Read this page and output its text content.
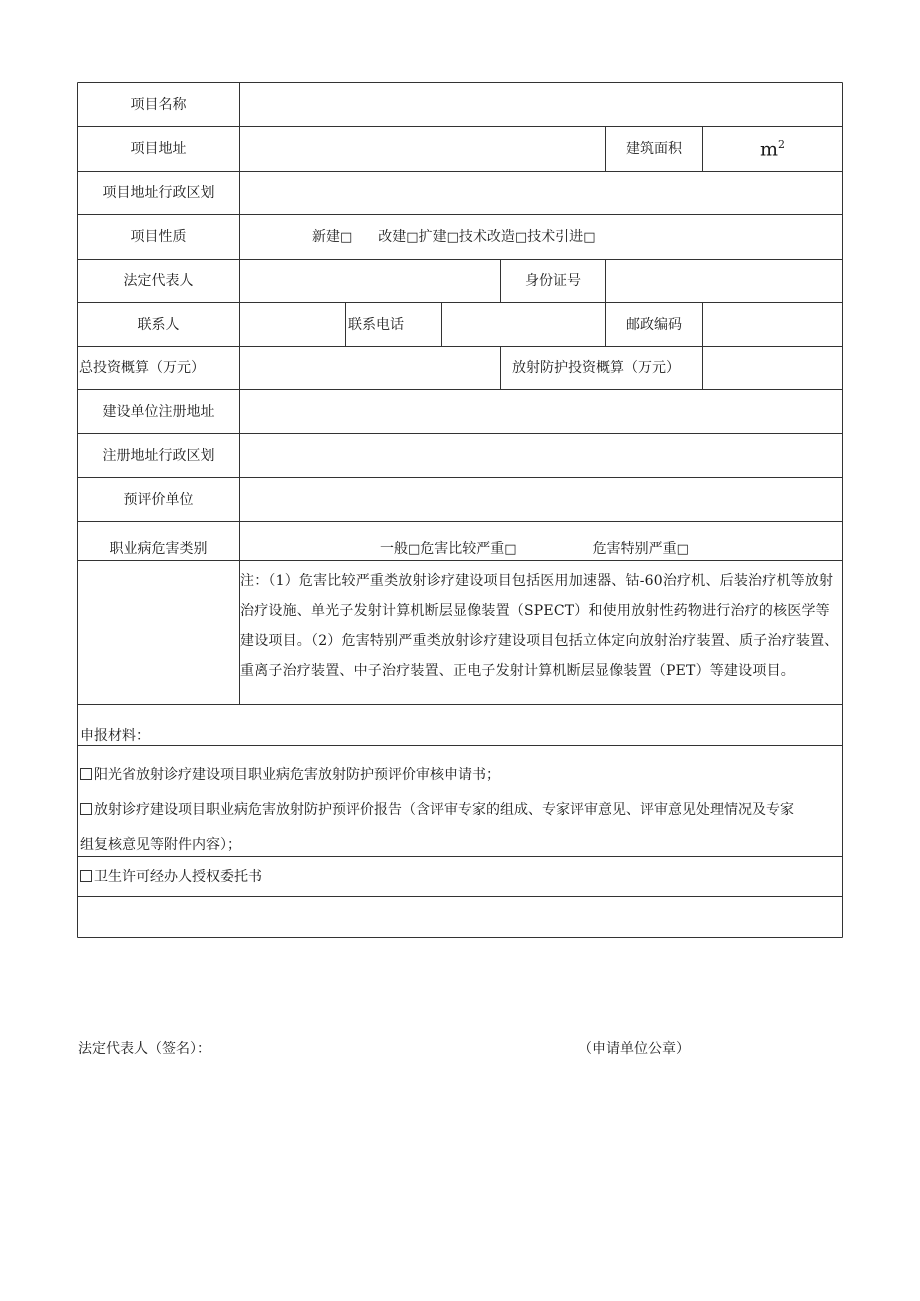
项目名称
项目地址	建筑面积	$m^2$
项目地址行政区划
项目性质	新建□ 改建□扩建□技术改造□技术引进□
法定代表人	身份证号
联系人	联系电话	邮政编码
总投资概算（万元）	放射防护投资概算（万元）
建设单位注册地址
注册地址行政区划
预评价单位
职业病危害类别	一般□危害比较严重□	危害特别严重□
注：（1）危害比较严重类放射诊疗建设项目包括医用加速器、钴-60治疗机、后装治疗机等放射治疗设施、单光子发射计算机断层显像装置（SPECT）和使用放射性药物进行治疗的核医学等建设项目。（2）危害特别严重类放射诊疗建设项目包括立体定向放射治疗装置、质子治疗装置、重离子治疗装置、中子治疗装置、正电子发射计算机断层显像装置（PET）等建设项目。
申报材料：
阳光省放射诊疗建设项目职业病危害放射防护预评价审核申请书；
放射诊疗建设项目职业病危害放射防护预评价报告（含评审专家的组成、专家评审意见、评审意见处理情况及专家
组复核意见等附件内容）；
卫生许可经办人授权委托书
法定代表人（签名）：	（申请单位公章）
